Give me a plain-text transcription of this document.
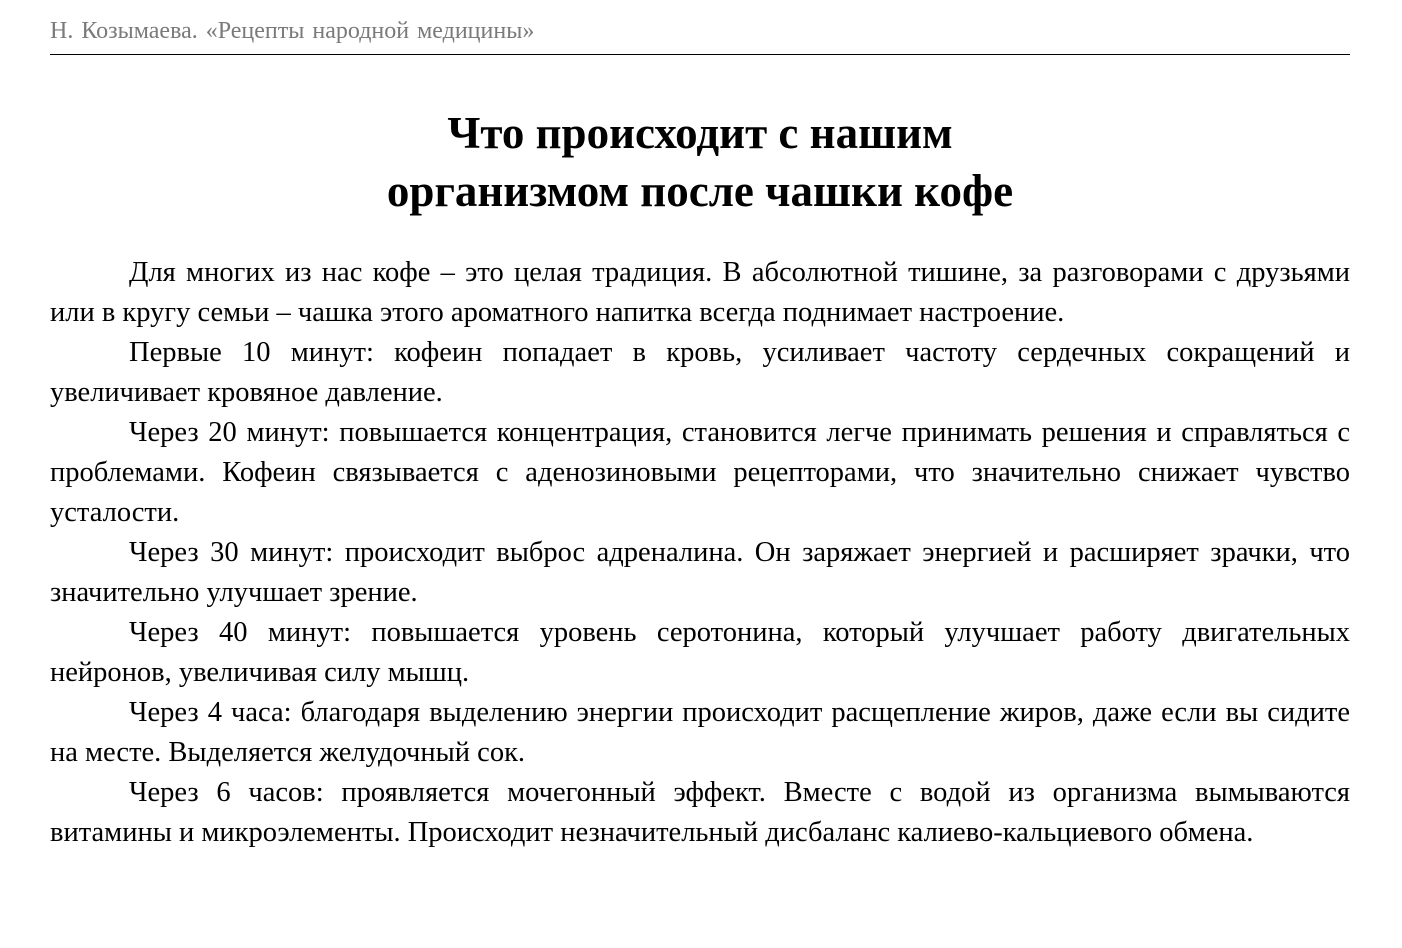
Н. Козымаева. «Рецепты народной медицины»
Что происходит с нашим
организмом после чашки кофе

Для многих из нас кофе – это целая традиция. В абсолютной тишине, за разговорами с друзьями или в кругу семьи – чашка этого ароматного напитка всегда поднимает настроение.

Первые 10 минут: кофеин попадает в кровь, усиливает частоту сердечных сокращений и увеличивает кровяное давление.

Через 20 минут: повышается концентрация, становится легче принимать решения и справляться с проблемами. Кофеин связывается с аденозиновыми рецепторами, что значительно снижает чувство усталости.

Через 30 минут: происходит выброс адреналина. Он заряжает энергией и расширяет зрачки, что значительно улучшает зрение.

Через 40 минут: повышается уровень серотонина, который улучшает работу двигательных нейронов, увеличивая силу мышц.

Через 4 часа: благодаря выделению энергии происходит расщепление жиров, даже если вы сидите на месте. Выделяется желудочный сок.

Через 6 часов: проявляется мочегонный эффект. Вместе с водой из организма вымываются витамины и микроэлементы. Происходит незначительный дисбаланс калиево-кальциевого обмена.
